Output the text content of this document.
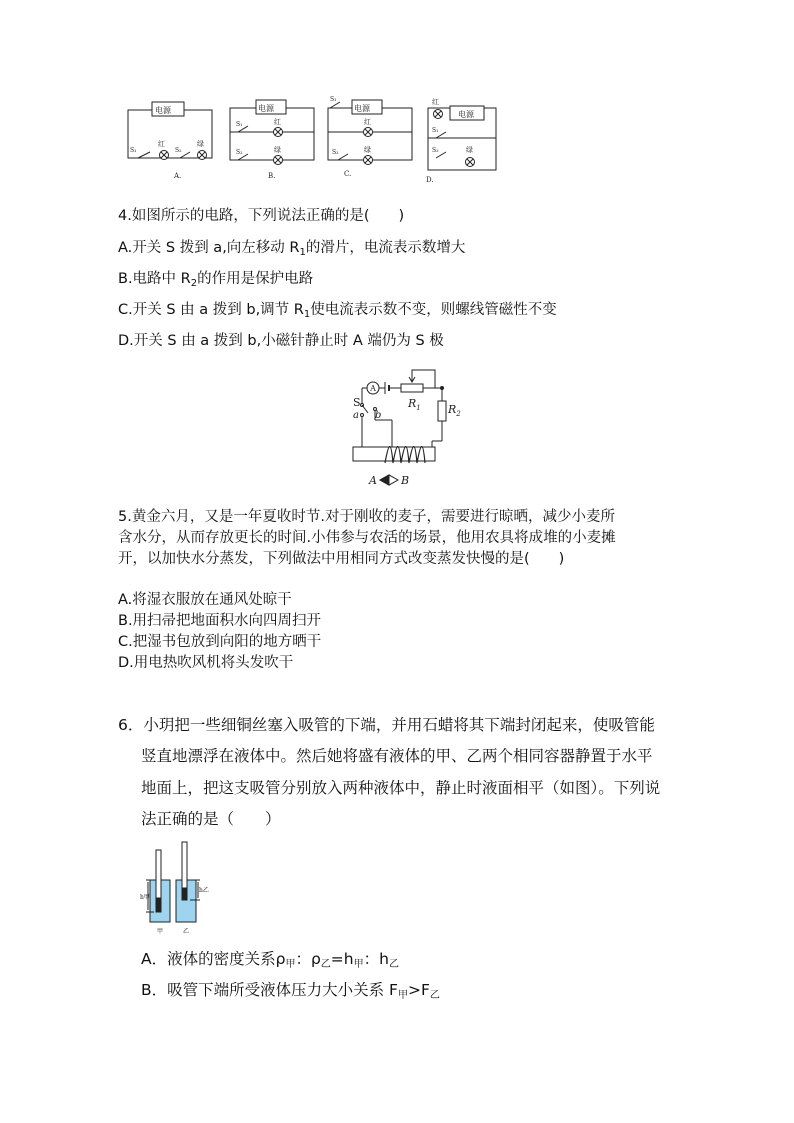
电源
S₁
红
S₂
绿
A.
电源
S₁	红
S₂	绿
B.
电源
S₁
红
S₂	绿
C.
电源
红
S₁
S₂	绿
D.
4.如图所示的电路，下列说法正确的是(　　)
A.开关 S 拨到 a,向左移动 $R_1$的滑片，电流表示数增大
B.电路中 $R_2$的作用是保护电路
C.开关 S 由 a 拨到 b,调节 $R_1$使电流表示数不变，则螺线管磁性不变
D.开关 S 由 a 拨到 b,小磁针静止时 A 端仍为 S 极
A
S
a b
$R_1$ $R_2$
A B
5.黄金六月，又是一年夏收时节.对于刚收的麦子，需要进行晾晒，减少小麦所
含水分，从而存放更长的时间.小伟参与农活的场景，他用农具将成堆的小麦摊
开，以加快水分蒸发，下列做法中用相同方式改变蒸发快慢的是(　　)
A.将湿衣服放在通风处晾干
B.用扫帚把地面积水向四周扫开
C.把湿书包放到向阳的地方晒干
D.用电热吹风机将头发吹干
6．小玥把一些细铜丝塞入吸管的下端，并用石蜡将其下端封闭起来，使吸管能
竖直地漂浮在液体中。然后她将盛有液体的甲、乙两个相同容器静置于水平
地面上，把这支吸管分别放入两种液体中，静止时液面相平（如图）。下列说
法正确的是（　　）
h甲
h乙
甲	乙
A．液体的密度关系$\rho_甲$：$\rho_乙=h_甲$：$h_乙$
B．吸管下端所受液体压力大小关系 $F_甲>F_乙$
